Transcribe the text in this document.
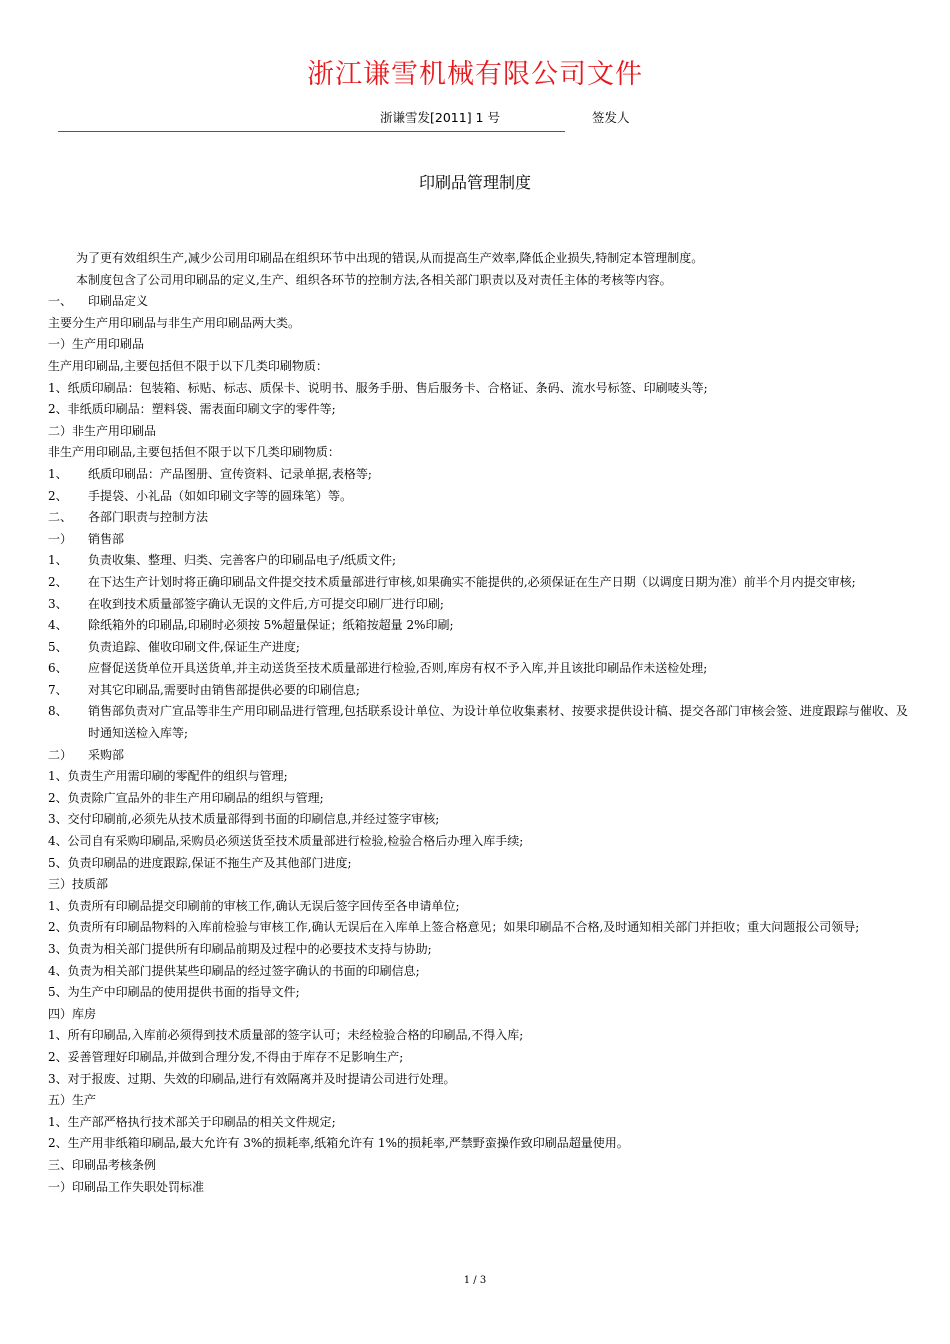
浙江谦雪机械有限公司文件
浙谦雪发[2011] 1 号	签发人
印刷品管理制度

为了更有效组织生产,减少公司用印刷品在组织环节中出现的错误,从而提高生产效率,降低企业损失,特制定本管理制度。

本制度包含了公司用印刷品的定义,生产、组织各环节的控制方法,各相关部门职责以及对责任主体的考核等内容。

一、	印刷品定义

主要分生产用印刷品与非生产用印刷品两大类。

一）生产用印刷品

生产用印刷品,主要包括但不限于以下几类印刷物质：

1、纸质印刷品：包装箱、标贴、标志、质保卡、说明书、服务手册、售后服务卡、合格证、条码、流水号标签、印刷唛头等;

2、非纸质印刷品：塑料袋、需表面印刷文字的零件等;

二）非生产用印刷品

非生产用印刷品,主要包括但不限于以下几类印刷物质：

1、	纸质印刷品：产品图册、宣传资料、记录单据,表格等;
2、	手提袋、小礼品（如如印刷文字等的圆珠笔）等。
二、	各部门职责与控制方法
一）	销售部
1、	负责收集、整理、归类、完善客户的印刷品电子/纸质文件;
2、	在下达生产计划时将正确印刷品文件提交技术质量部进行审核,如果确实不能提供的,必须保证在生产日期（以调度日期为准）前半个月内提交审核;
3、	在收到技术质量部签字确认无误的文件后,方可提交印刷厂进行印刷;
4、	除纸箱外的印刷品,印刷时必须按 5%超量保证；纸箱按超量 2%印刷;
5、	负责追踪、催收印刷文件,保证生产进度;
6、	应督促送货单位开具送货单,并主动送货至技术质量部进行检验,否则,库房有权不予入库,并且该批印刷品作未送检处理;
7、	对其它印刷品,需要时由销售部提供必要的印刷信息;
8、	销售部负责对广宣品等非生产用印刷品进行管理,包括联系设计单位、为设计单位收集素材、按要求提供设计稿、提交各部门审核会签、进度跟踪与催收、及时通知送检入库等;
二）	采购部

1、负责生产用需印刷的零配件的组织与管理;

2、负责除广宣品外的非生产用印刷品的组织与管理;

3、交付印刷前,必须先从技术质量部得到书面的印刷信息,并经过签字审核;

4、公司自有采购印刷品,采购员必须送货至技术质量部进行检验,检验合格后办理入库手续;

5、负责印刷品的进度跟踪,保证不拖生产及其他部门进度;

三）技质部

1、负责所有印刷品提交印刷前的审核工作,确认无误后签字回传至各申请单位;

2、负责所有印刷品物料的入库前检验与审核工作,确认无误后在入库单上签合格意见；如果印刷品不合格,及时通知相关部门并拒收；重大问题报公司领导;

3、负责为相关部门提供所有印刷品前期及过程中的必要技术支持与协助;

4、负责为相关部门提供某些印刷品的经过签字确认的书面的印刷信息;

5、为生产中印刷品的使用提供书面的指导文件;

四）库房

1、所有印刷品,入库前必须得到技术质量部的签字认可；未经检验合格的印刷品,不得入库;

2、妥善管理好印刷品,并做到合理分发,不得由于库存不足影响生产;

3、对于报废、过期、失效的印刷品,进行有效隔离并及时提请公司进行处理。

五）生产

1、生产部严格执行技术部关于印刷品的相关文件规定;

2、生产用非纸箱印刷品,最大允许有 3%的损耗率,纸箱允许有 1%的损耗率,严禁野蛮操作致印刷品超量使用。

三、印刷品考核条例

一）印刷品工作失职处罚标准

1 / 3
